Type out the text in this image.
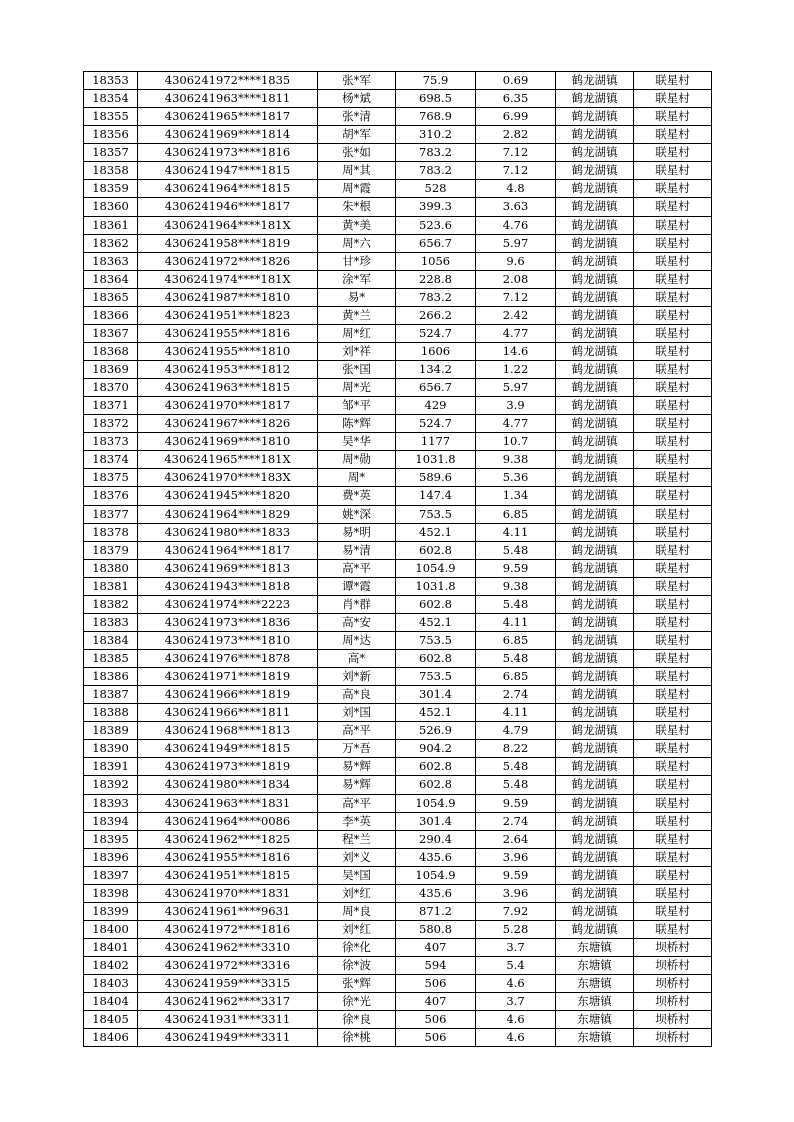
18353	4306241972****1835	张*军	75.9	0.69	鹤龙湖镇	联星村
18354	4306241963****1811	杨*斌	698.5	6.35	鹤龙湖镇	联星村
18355	4306241965****1817	张*清	768.9	6.99	鹤龙湖镇	联星村
18356	4306241969****1814	胡*军	310.2	2.82	鹤龙湖镇	联星村
18357	4306241973****1816	张*如	783.2	7.12	鹤龙湖镇	联星村
18358	4306241947****1815	周*其	783.2	7.12	鹤龙湖镇	联星村
18359	4306241964****1815	周*霞	528	4.8	鹤龙湖镇	联星村
18360	4306241946****1817	朱*根	399.3	3.63	鹤龙湖镇	联星村
18361	4306241964****181X	黄*美	523.6	4.76	鹤龙湖镇	联星村
18362	4306241958****1819	周*六	656.7	5.97	鹤龙湖镇	联星村
18363	4306241972****1826	甘*珍	1056	9.6	鹤龙湖镇	联星村
18364	4306241974****181X	涂*军	228.8	2.08	鹤龙湖镇	联星村
18365	4306241987****1810	易*	783.2	7.12	鹤龙湖镇	联星村
18366	4306241951****1823	黄*兰	266.2	2.42	鹤龙湖镇	联星村
18367	4306241955****1816	周*红	524.7	4.77	鹤龙湖镇	联星村
18368	4306241955****1810	刘*祥	1606	14.6	鹤龙湖镇	联星村
18369	4306241953****1812	张*国	134.2	1.22	鹤龙湖镇	联星村
18370	4306241963****1815	周*光	656.7	5.97	鹤龙湖镇	联星村
18371	4306241970****1817	邹*平	429	3.9	鹤龙湖镇	联星村
18372	4306241967****1826	陈*辉	524.7	4.77	鹤龙湖镇	联星村
18373	4306241969****1810	吴*华	1177	10.7	鹤龙湖镇	联星村
18374	4306241965****181X	周*勋	1031.8	9.38	鹤龙湖镇	联星村
18375	4306241970****183X	周*	589.6	5.36	鹤龙湖镇	联星村
18376	4306241945****1820	费*英	147.4	1.34	鹤龙湖镇	联星村
18377	4306241964****1829	姚*深	753.5	6.85	鹤龙湖镇	联星村
18378	4306241980****1833	易*明	452.1	4.11	鹤龙湖镇	联星村
18379	4306241964****1817	易*清	602.8	5.48	鹤龙湖镇	联星村
18380	4306241969****1813	高*平	1054.9	9.59	鹤龙湖镇	联星村
18381	4306241943****1818	谭*霞	1031.8	9.38	鹤龙湖镇	联星村
18382	4306241974****2223	肖*群	602.8	5.48	鹤龙湖镇	联星村
18383	4306241973****1836	高*安	452.1	4.11	鹤龙湖镇	联星村
18384	4306241973****1810	周*达	753.5	6.85	鹤龙湖镇	联星村
18385	4306241976****1878	高*	602.8	5.48	鹤龙湖镇	联星村
18386	4306241971****1819	刘*新	753.5	6.85	鹤龙湖镇	联星村
18387	4306241966****1819	高*良	301.4	2.74	鹤龙湖镇	联星村
18388	4306241966****1811	刘*国	452.1	4.11	鹤龙湖镇	联星村
18389	4306241968****1813	高*平	526.9	4.79	鹤龙湖镇	联星村
18390	4306241949****1815	万*吾	904.2	8.22	鹤龙湖镇	联星村
18391	4306241973****1819	易*辉	602.8	5.48	鹤龙湖镇	联星村
18392	4306241980****1834	易*辉	602.8	5.48	鹤龙湖镇	联星村
18393	4306241963****1831	高*平	1054.9	9.59	鹤龙湖镇	联星村
18394	4306241964****0086	李*英	301.4	2.74	鹤龙湖镇	联星村
18395	4306241962****1825	程*兰	290.4	2.64	鹤龙湖镇	联星村
18396	4306241955****1816	刘*义	435.6	3.96	鹤龙湖镇	联星村
18397	4306241951****1815	吴*国	1054.9	9.59	鹤龙湖镇	联星村
18398	4306241970****1831	刘*红	435.6	3.96	鹤龙湖镇	联星村
18399	4306241961****9631	周*良	871.2	7.92	鹤龙湖镇	联星村
18400	4306241972****1816	刘*红	580.8	5.28	鹤龙湖镇	联星村
18401	4306241962****3310	徐*化	407	3.7	东塘镇	坝桥村
18402	4306241972****3316	徐*波	594	5.4	东塘镇	坝桥村
18403	4306241959****3315	张*辉	506	4.6	东塘镇	坝桥村
18404	4306241962****3317	徐*光	407	3.7	东塘镇	坝桥村
18405	4306241931****3311	徐*良	506	4.6	东塘镇	坝桥村
18406	4306241949****3311	徐*桃	506	4.6	东塘镇	坝桥村
